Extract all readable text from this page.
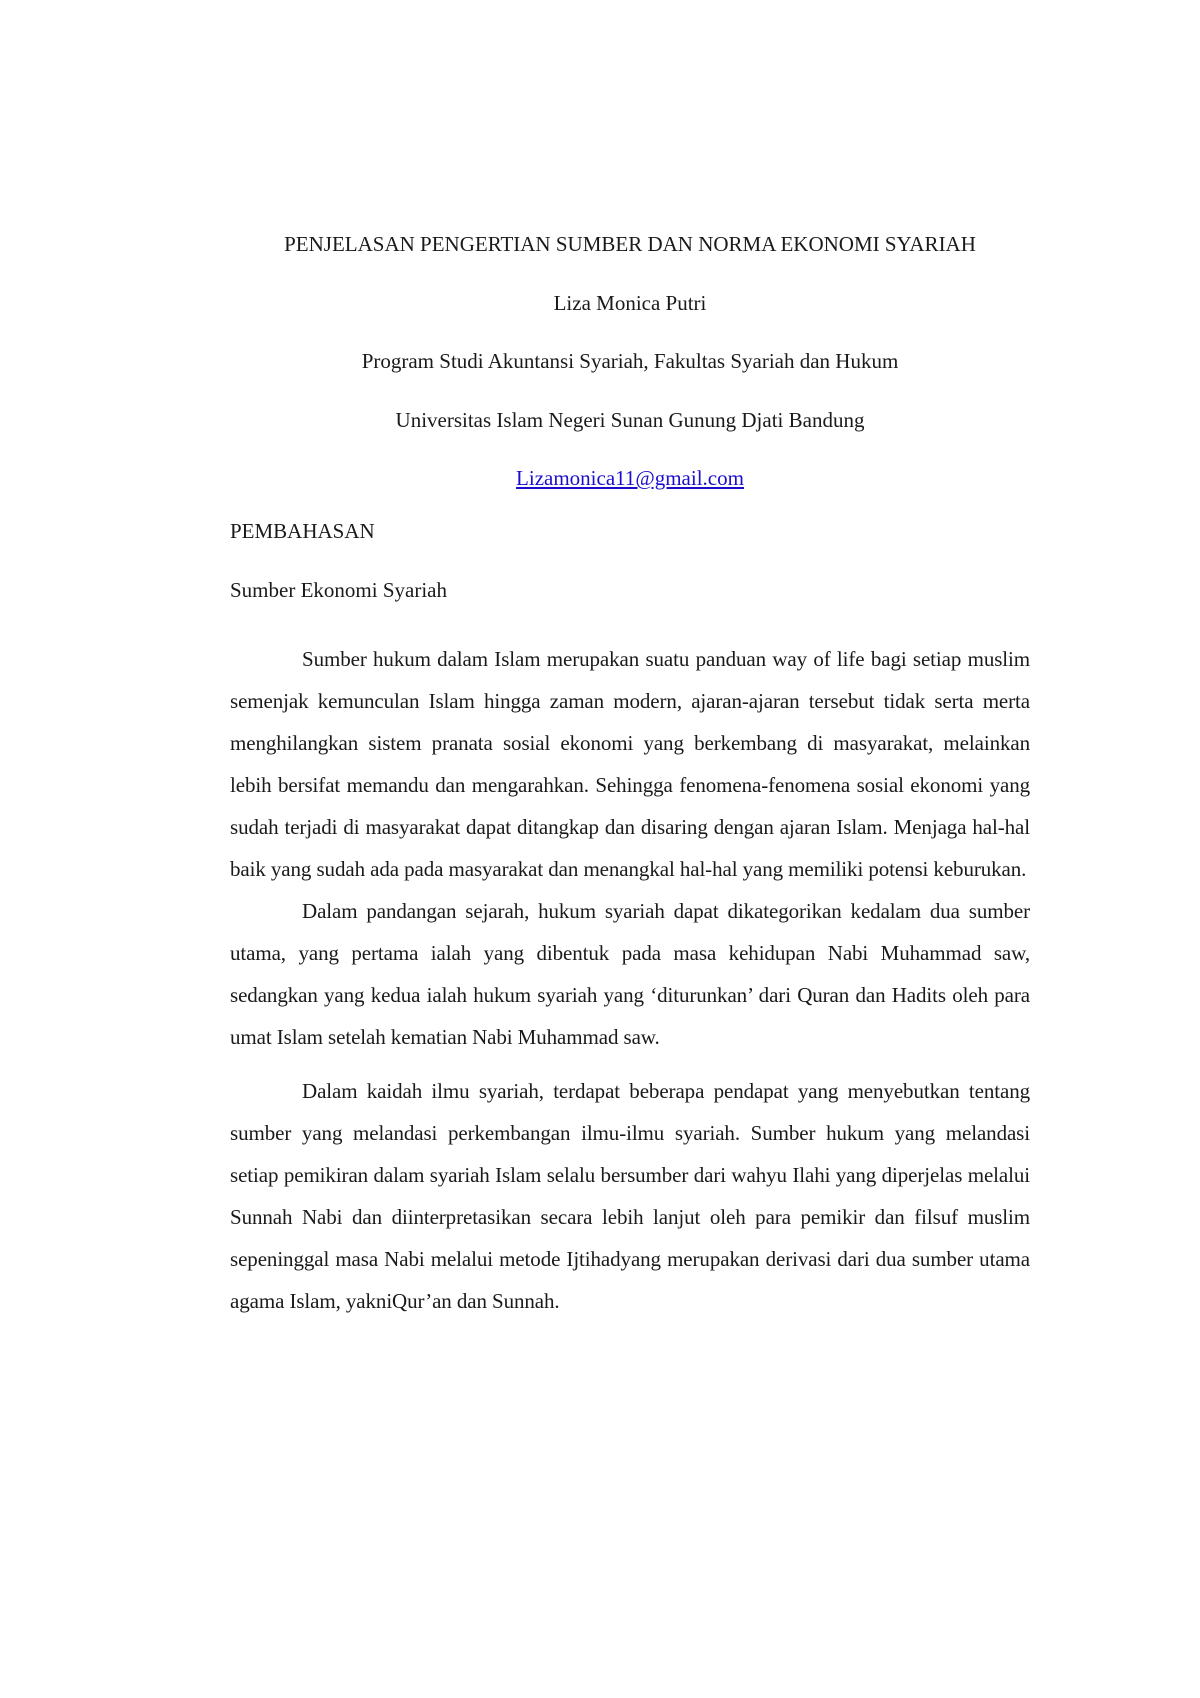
PENJELASAN PENGERTIAN SUMBER DAN NORMA EKONOMI SYARIAH
Liza Monica Putri
Program Studi Akuntansi Syariah, Fakultas Syariah dan Hukum
Universitas Islam Negeri Sunan Gunung Djati Bandung
Lizamonica11@gmail.com
PEMBAHASAN
Sumber Ekonomi Syariah

Sumber hukum dalam Islam merupakan suatu panduan way of life bagi setiap muslim semenjak kemunculan Islam hingga zaman modern, ajaran-ajaran tersebut tidak serta merta menghilangkan sistem pranata sosial ekonomi yang berkembang di masyarakat, melainkan lebih bersifat memandu dan mengarahkan. Sehingga fenomena-fenomena sosial ekonomi yang sudah terjadi di masyarakat dapat ditangkap dan disaring dengan ajaran Islam. Menjaga hal-hal baik yang sudah ada pada masyarakat dan menangkal hal-hal yang memiliki potensi keburukan.

Dalam pandangan sejarah, hukum syariah dapat dikategorikan kedalam dua sumber utama, yang pertama ialah yang dibentuk pada masa kehidupan Nabi Muhammad saw, sedangkan yang kedua ialah hukum syariah yang ‘diturunkan’ dari Quran dan Hadits oleh para umat Islam setelah kematian Nabi Muhammad saw.

Dalam kaidah ilmu syariah, terdapat beberapa pendapat yang menyebutkan tentang sumber yang melandasi perkembangan ilmu-ilmu syariah. Sumber hukum yang melandasi setiap pemikiran dalam syariah Islam selalu bersumber dari wahyu Ilahi yang diperjelas melalui Sunnah Nabi dan diinterpretasikan secara lebih lanjut oleh para pemikir dan filsuf muslim sepeninggal masa Nabi melalui metode Ijtihadyang merupakan derivasi dari dua sumber utama agama Islam, yakniQur’an dan Sunnah.
